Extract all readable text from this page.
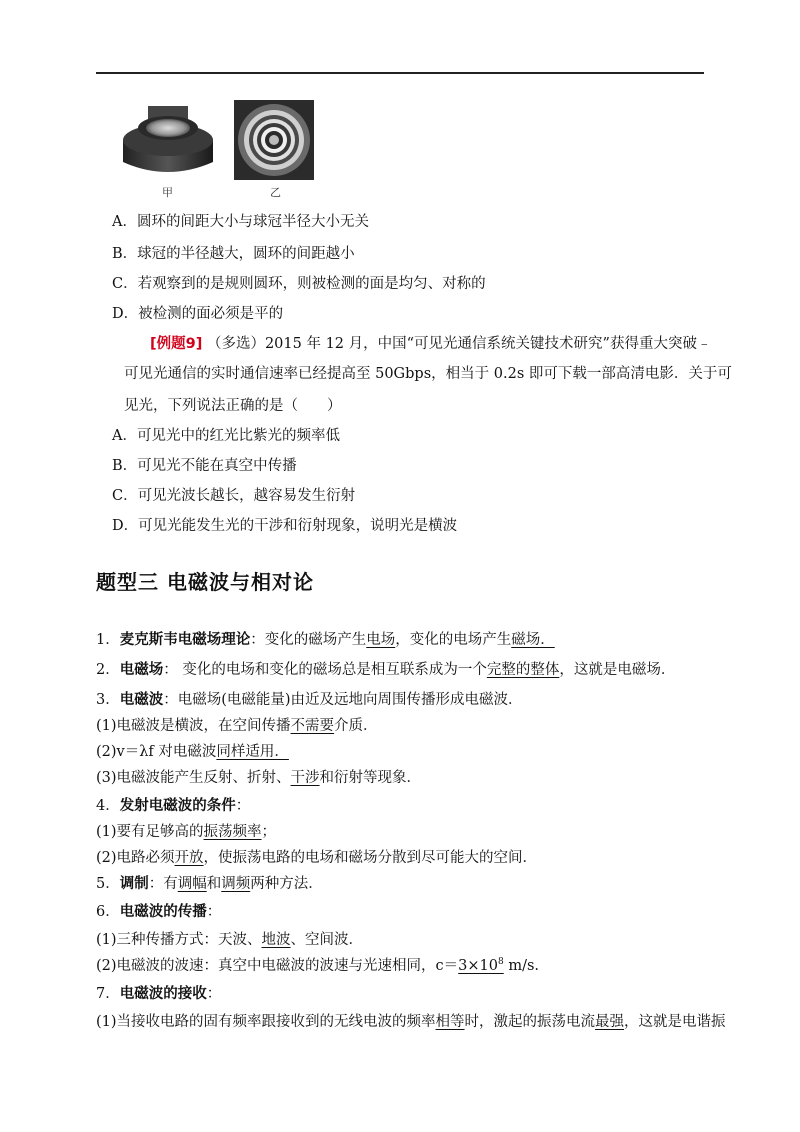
甲	乙
A．圆环的间距大小与球冠半径大小无关
B．球冠的半径越大，圆环的间距越小
C．若观察到的是规则圆环，则被检测的面是均匀、对称的
D．被检测的面必须是平的
[例题9] （多选）2015 年 12 月，中国“可见光通信系统关键技术研究”获得重大突破﹣
可见光通信的实时通信速率已经提高至 50Gbps，相当于 0.2s 即可下载一部高清电影．关于可
见光，下列说法正确的是（　　）
A．可见光中的红光比紫光的频率低
B．可见光不能在真空中传播
C．可见光波长越长，越容易发生衍射
D．可见光能发生光的干涉和衍射现象，说明光是横波
题型三 电磁波与相对论
1．麦克斯韦电磁场理论：变化的磁场产生电场，变化的电场产生磁场．
2．电磁场： 变化的电场和变化的磁场总是相互联系成为一个完整的整体，这就是电磁场．
3．电磁波：电磁场(电磁能量)由近及远地向周围传播形成电磁波．
(1)电磁波是横波，在空间传播不需要介质．
(2)v＝λf 对电磁波同样适用．
(3)电磁波能产生反射、折射、干涉和衍射等现象．
4．发射电磁波的条件：
(1)要有足够高的振荡频率；
(2)电路必须开放，使振荡电路的电场和磁场分散到尽可能大的空间．
5．调制：有调幅和调频两种方法．
6．电磁波的传播：
(1)三种传播方式：天波、地波、空间波．
(2)电磁波的波速：真空中电磁波的波速与光速相同，$c=3\times 10^8$ m/s.
7．电磁波的接收：
(1)当接收电路的固有频率跟接收到的无线电波的频率相等时，激起的振荡电流最强，这就是电谐振
